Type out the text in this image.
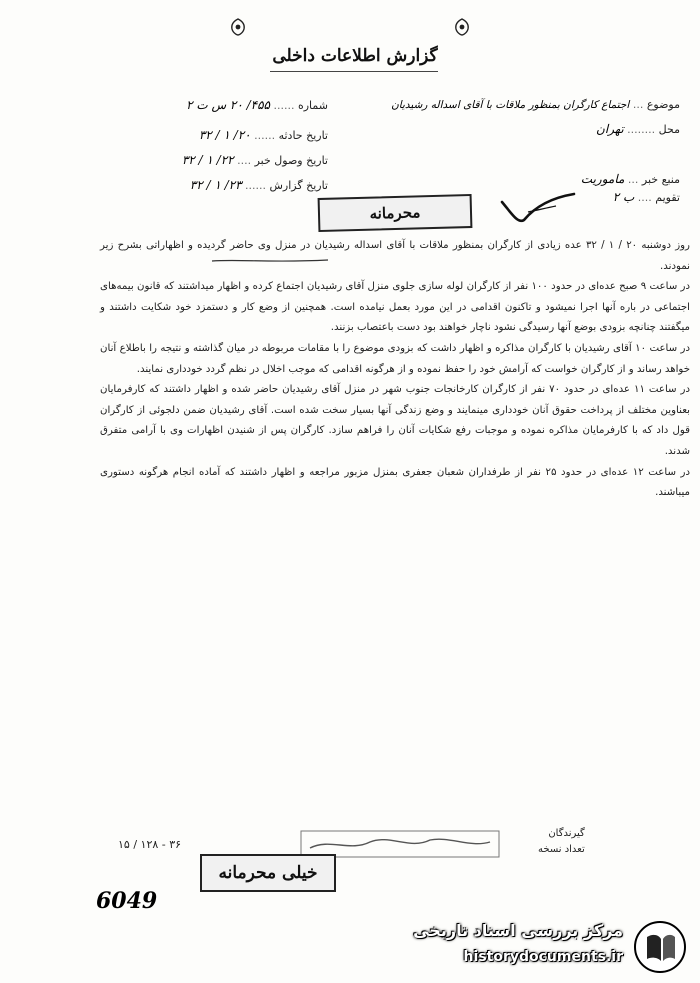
گزارش اطلاعات داخلی
موضوع ... اجتماع کارگران بمنظور ملاقات با آقای اسداله رشیدیان
محل ........ تهران
منبع خبر ... ماموریت
تقویم .... ب ۲
شماره ...... ۴۵۵/ ۲۰ س ت ۲
تاریخ حادثه ...... ۲۰/ ۱ / ۳۲
تاریخ وصول خبر .... ۲۲/ ۱ / ۳۲
تاریخ گزارش ...... ۲۳/ ۱ / ۳۲
محرمانه

روز دوشنبه ۲۰ / ۱ / ۳۲ عده زیادی از کارگران بمنظور ملاقات با آقای اسداله رشیدیان در منزل وی حاضر گردیده و اظهاراتی بشرح زیر نمودند.

در ساعت ۹ صبح عده‌ای در حدود ۱۰۰ نفر از کارگران لوله سازی جلوی منزل آقای رشیدیان اجتماع کرده و اظهار میداشتند که قانون بیمه‌های اجتماعی در باره آنها اجرا نمیشود و تاکنون اقدامی در این مورد بعمل نیامده است. همچنین از وضع کار و دستمزد خود شکایت داشتند و میگفتند چنانچه بزودی بوضع آنها رسیدگی نشود ناچار خواهند بود دست باعتصاب بزنند.

در ساعت ۱۰ آقای رشیدیان با کارگران مذاکره و اظهار داشت که بزودی موضوع را با مقامات مربوطه در میان گذاشته و نتیجه را باطلاع آنان خواهد رساند و از کارگران خواست که آرامش خود را حفظ نموده و از هرگونه اقدامی که موجب اخلال در نظم گردد خودداری نمایند.

در ساعت ۱۱ عده‌ای در حدود ۷۰ نفر از کارگران کارخانجات جنوب شهر در منزل آقای رشیدیان حاضر شده و اظهار داشتند که کارفرمایان بعناوین مختلف از پرداخت حقوق آنان خودداری مینمایند و وضع زندگی آنها بسیار سخت شده است. آقای رشیدیان ضمن دلجوئی از کارگران قول داد که با کارفرمایان مذاکره نموده و موجبات رفع شکایات آنان را فراهم سازد. کارگران پس از شنیدن اظهارات وی با آرامی متفرق شدند.

در ساعت ۱۲ عده‌ای در حدود ۲۵ نفر از طرفداران شعبان جعفری بمنزل مزبور مراجعه و اظهار داشتند که آماده انجام هرگونه دستوری میباشند.

گیرندگان
تعداد نسخه
۳۶ - ۱۲۸ / ۱۵
خیلی محرمانه
6049
مرکز بررسی اسناد تاریخی
historydocuments.ir
